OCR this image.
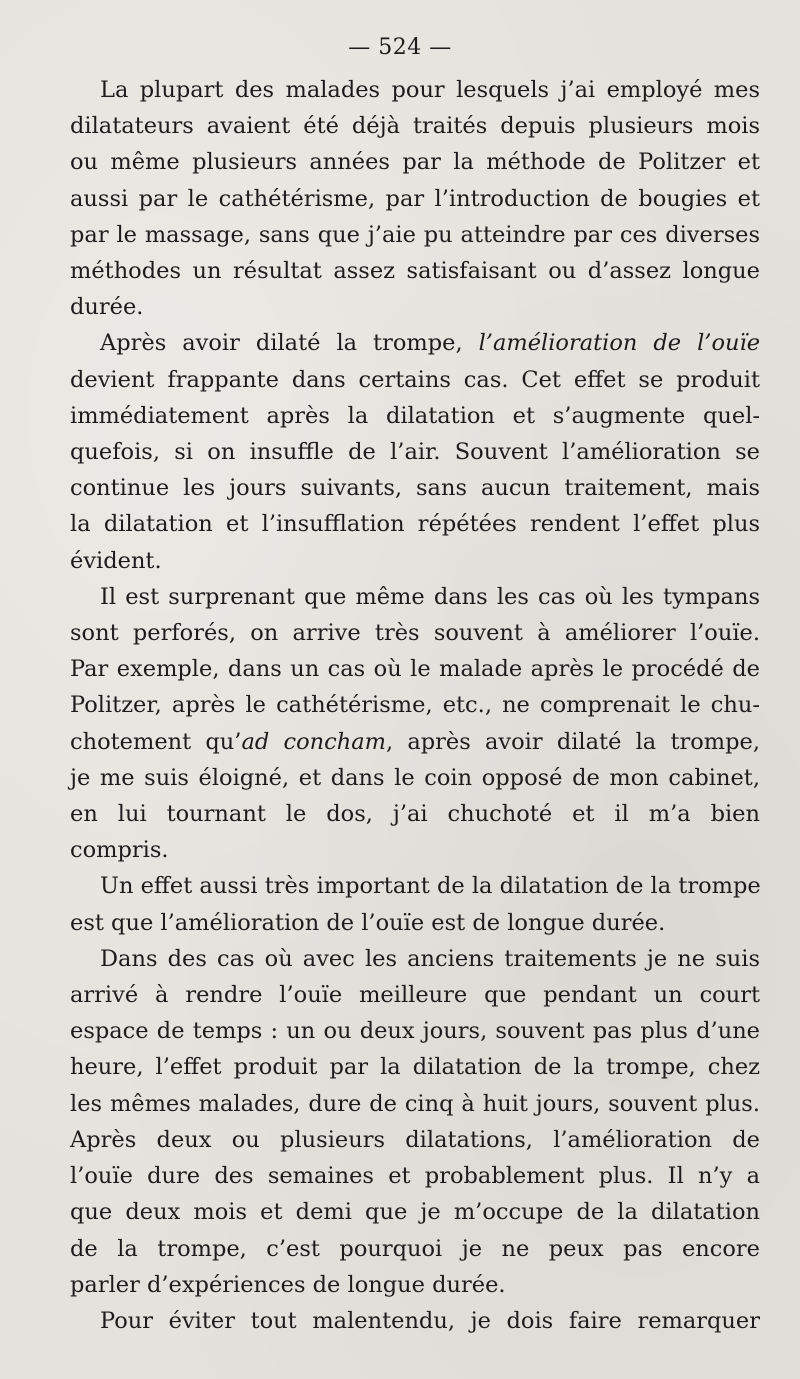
— 524 —
La plupart des malades pour lesquels j’ai employé mes
dilatateurs avaient été déjà traités depuis plusieurs mois
ou même plusieurs années par la méthode de Politzer et
aussi par le cathétérisme, par l’introduction de bougies et
par le massage, sans que j’aie pu atteindre par ces diverses
méthodes un résultat assez satisfaisant ou d’assez longue
durée.
Après avoir dilaté la trompe, l’amélioration de l’ouïe
devient frappante dans certains cas. Cet effet se produit
immédiatement après la dilatation et s’augmente quel-
quefois, si on insuffle de l’air. Souvent l’amélioration se
continue les jours suivants, sans aucun traitement, mais
la dilatation et l’insufflation répétées rendent l’effet plus
évident.
Il est surprenant que même dans les cas où les tympans
sont perforés, on arrive très souvent à améliorer l’ouïe.
Par exemple, dans un cas où le malade après le procédé de
Politzer, après le cathétérisme, etc., ne comprenait le chu-
chotement qu’ad concham, après avoir dilaté la trompe,
je me suis éloigné, et dans le coin opposé de mon cabinet,
en lui tournant le dos, j’ai chuchoté et il m’a bien
compris.
Un effet aussi très important de la dilatation de la trompe
est que l’amélioration de l’ouïe est de longue durée.
Dans des cas où avec les anciens traitements je ne suis
arrivé à rendre l’ouïe meilleure que pendant un court
espace de temps : un ou deux jours, souvent pas plus d’une
heure, l’effet produit par la dilatation de la trompe, chez
les mêmes malades, dure de cinq à huit jours, souvent plus.
Après deux ou plusieurs dilatations, l’amélioration de
l’ouïe dure des semaines et probablement plus. Il n’y a
que deux mois et demi que je m’occupe de la dilatation
de la trompe, c’est pourquoi je ne peux pas encore
parler d’expériences de longue durée.
Pour éviter tout malentendu, je dois faire remarquer
